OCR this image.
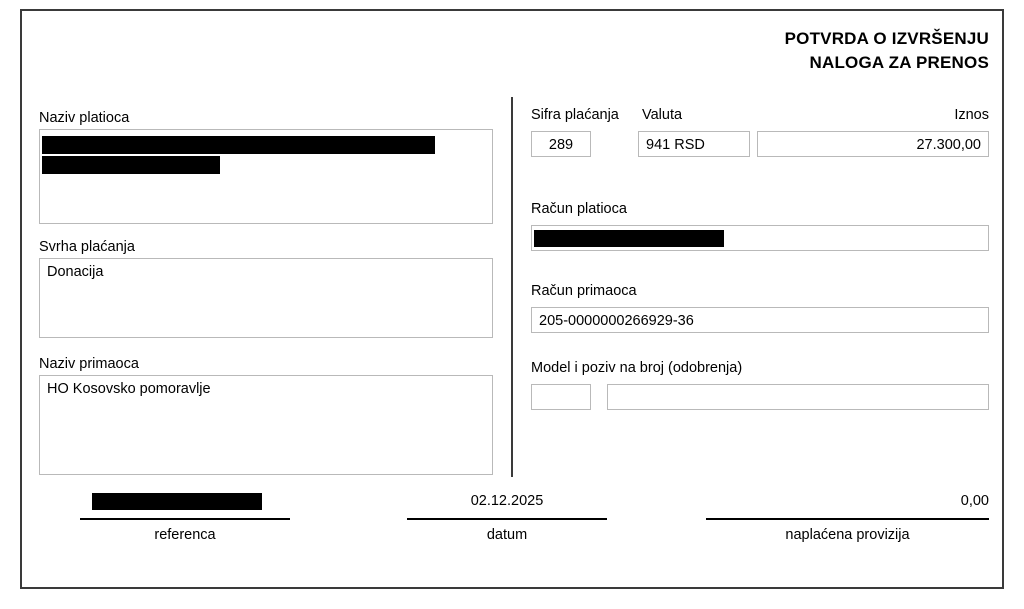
POTVRDA O IZVRŠENJU
NALOGA ZA PRENOS
Naziv platioca
Svrha plaćanja
Donacija
Naziv primaoca
HO Kosovsko pomoravlje
Sifra plaćanja
289
Valuta
941 RSD
Iznos
27.300,00
Račun platioca
Račun primaoca
205-0000000266929-36
Model i poziv na broj (odobrenja)
referenca
02.12.2025
datum
0,00
naplaćena provizija
